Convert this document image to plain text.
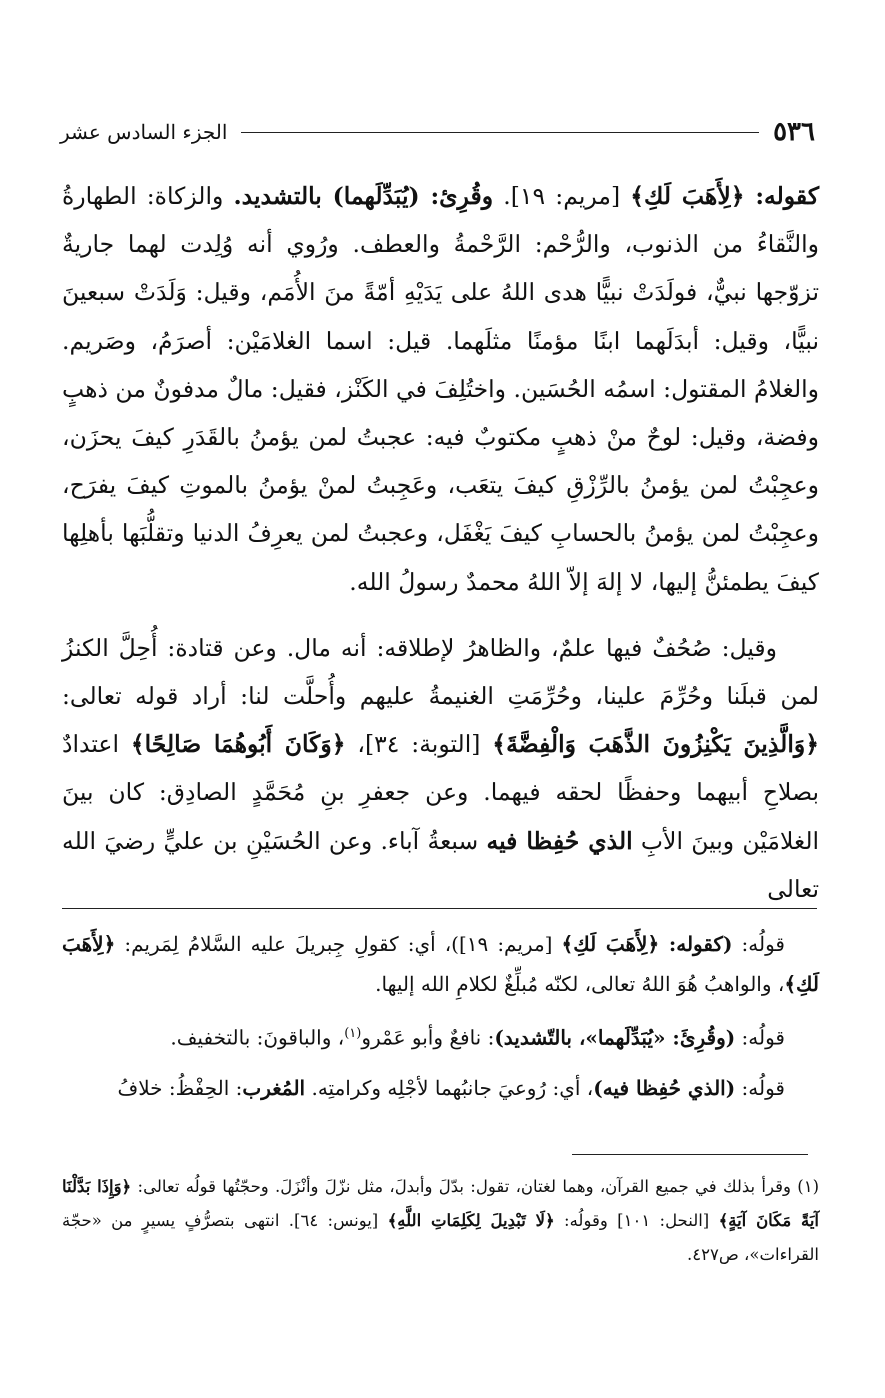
٥٣٦
الجزء السادس عشر

كقوله: ﴿لِأَهَبَ لَكِ﴾ [مريم: ١٩]. وقُرِئ: (يُبَدِّلَهما) بالتشديد. والزكاة: الطهارةُ والنَّقاءُ من الذنوب، والرُّحْم: الرَّحْمةُ والعطف. ورُوي أنه وُلِدت لهما جاريةٌ تزوّجها نبيٌّ، فولَدَتْ نبيًّا هدى اللهُ على يَدَيْهِ أمّةً منَ الأُمَم، وقيل: وَلَدَتْ سبعينَ نبيًّا، وقيل: أبدَلَهما ابنًا مؤمنًا مثلَهما. قيل: اسما الغلامَيْن: أصرَمُ، وصَريم. والغلامُ المقتول: اسمُه الحُسَين. واختُلِفَ في الكَنْز، فقيل: مالٌ مدفونٌ من ذهبٍ وفضة، وقيل: لوحٌ منْ ذهبٍ مكتوبٌ فيه: عجبتُ لمن يؤمنُ بالقَدَرِ كيفَ يحزَن، وعجِبْتُ لمن يؤمنُ بالرِّزْقِ كيفَ يتعَب، وعَجِبتُ لمنْ يؤمنُ بالموتِ كيفَ يفرَح، وعجِبْتُ لمن يؤمنُ بالحسابِ كيفَ يَغْفَل، وعجبتُ لمن يعرِفُ الدنيا وتقلُّبَها بأهلِها كيفَ يطمئنُّ إليها، لا إلهَ إلاّ اللهُ محمدٌ رسولُ الله.

وقيل: صُحُفٌ فيها علمٌ، والظاهرُ لإطلاقه: أنه مال. وعن قتادة: أُحِلَّ الكنزُ لمن قبلَنا وحُرِّمَ علينا، وحُرِّمَتِ الغنيمةُ عليهم وأُحلَّت لنا: أراد قوله تعالى: ﴿وَالَّذِينَ يَكْنِزُونَ الذَّهَبَ وَالْفِضَّةَ﴾ [التوبة: ٣٤]، ﴿وَكَانَ أَبُوهُمَا صَالِحًا﴾ اعتدادٌ بصلاحِ أبيهما وحفظًا لحقه فيهما. وعن جعفرِ بنِ مُحَمَّدٍ الصادِق: كان بينَ الغلامَيْن وبينَ الأبِ الذي حُفِظا فيه سبعةُ آباء. وعن الحُسَيْنِ بن عليٍّ رضيَ الله تعالى

قولُه: (كقوله: ﴿لِأَهَبَ لَكِ﴾ [مريم: ١٩])، أي: كقولِ جِبريلَ عليه السَّلامُ لِمَريم: ﴿لِأَهَبَ لَكِ﴾، والواهبُ هُوَ اللهُ تعالى، لكنّه مُبلِّغٌ لكلامِ الله إليها.

قولُه: (وقُرِئَ: «يُبَدِّلَهما»، بالتّشديد): نافعٌ وأبو عَمْرو$^{(١)}$، والباقونَ: بالتخفيف.

قولُه: (الذي حُفِظا فيه)، أي: رُوعيَ جانبُهما لأجْلِه وكرامتِه. المُغرب: الحِفْظُ: خلافُ

(١) وقرأ بذلك في جميع القرآن، وهما لغتان، تقول: بدّلَ وأبدلَ، مثل نزّلَ وأنْزَلَ. وحجّتُها قولُه تعالى: ﴿وَإِذَا بَدَّلْنَا آيَةً مَكَانَ آيَةٍ﴾ [النحل: ١٠١] وقولُه: ﴿لَا تَبْدِيلَ لِكَلِمَاتِ اللَّهِ﴾ [يونس: ٦٤]. انتهى بتصرُّفٍ يسيرٍ من «حجّة القراءات»، ص٤٢٧.
